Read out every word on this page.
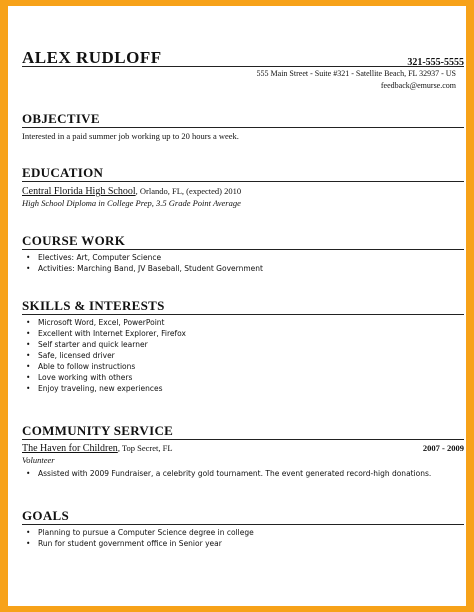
ALEX RUDLOFF	321-555-5555
555 Main Street - Suite #321 - Satellite Beach, FL 32937 - US
feedback@emurse.com
OBJECTIVE
Interested in a paid summer job working up to 20 hours a week.
EDUCATION
Central Florida High School, Orlando, FL, (expected) 2010
High School Diploma in College Prep, 3.5 Grade Point Average
COURSE WORK
• Electives: Art, Computer Science
• Activities: Marching Band, JV Baseball, Student Government
SKILLS & INTERESTS
• Microsoft Word, Excel, PowerPoint
• Excellent with Internet Explorer, Firefox
• Self starter and quick learner
• Safe, licensed driver
• Able to follow instructions
• Love working with others
• Enjoy traveling, new experiences
COMMUNITY SERVICE
The Haven for Children, Top Secret, FL	2007 - 2009
Volunteer
• Assisted with 2009 Fundraiser, a celebrity gold tournament. The event generated record-high donations.
GOALS
• Planning to pursue a Computer Science degree in college
• Run for student government office in Senior year
